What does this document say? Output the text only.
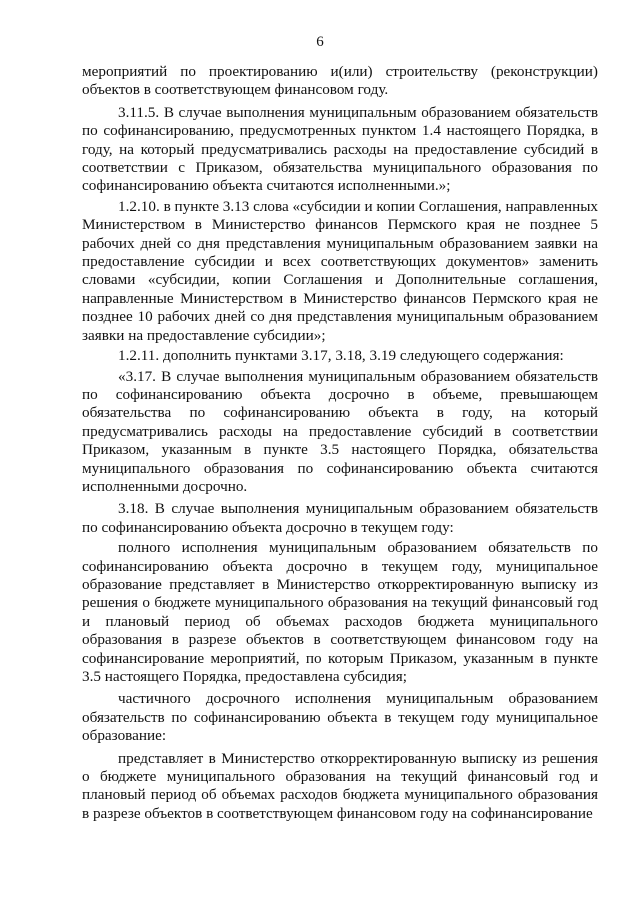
6

мероприятий по проектированию и(или) строительству (реконструкции) объектов в соответствующем финансовом году.

3.11.5. В случае выполнения муниципальным образованием обязательств по софинансированию, предусмотренных пунктом 1.4 настоящего Порядка, в году, на который предусматривались расходы на предоставление субсидий в соответствии с Приказом, обязательства муниципального образования по софинансированию объекта считаются исполненными.»;

1.2.10. в пункте 3.13 слова «субсидии и копии Соглашения, направленных Министерством в Министерство финансов Пермского края не позднее 5 рабочих дней со дня представления муниципальным образованием заявки на предоставление субсидии и всех соответствующих документов» заменить словами «субсидии, копии Соглашения и Дополнительные соглашения, направленные Министерством в Министерство финансов Пермского края не позднее 10 рабочих дней со дня представления муниципальным образованием заявки на предоставление субсидии»;

1.2.11. дополнить пунктами 3.17, 3.18, 3.19 следующего содержания:

«3.17. В случае выполнения муниципальным образованием обязательств по софинансированию объекта досрочно в объеме, превышающем обязательства по софинансированию объекта в году, на который предусматривались расходы на предоставление субсидий в соответствии Приказом, указанным в пункте 3.5 настоящего Порядка, обязательства муниципального образования по софинансированию объекта считаются исполненными досрочно.

3.18. В случае выполнения муниципальным образованием обязательств по софинансированию объекта досрочно в текущем году:

полного исполнения муниципальным образованием обязательств по софинансированию объекта досрочно в текущем году, муниципальное образование представляет в Министерство откорректированную выписку из решения о бюджете муниципального образования на текущий финансовый год и плановый период об объемах расходов бюджета муниципального образования в разрезе объектов в соответствующем финансовом году на софинансирование мероприятий, по которым Приказом, указанным в пункте 3.5 настоящего Порядка, предоставлена субсидия;

частичного досрочного исполнения муниципальным образованием обязательств по софинансированию объекта в текущем году муниципальное образование:

представляет в Министерство откорректированную выписку из решения о бюджете муниципального образования на текущий финансовый год и плановый период об объемах расходов бюджета муниципального образования в разрезе объектов в соответствующем финансовом году на софинансирование
